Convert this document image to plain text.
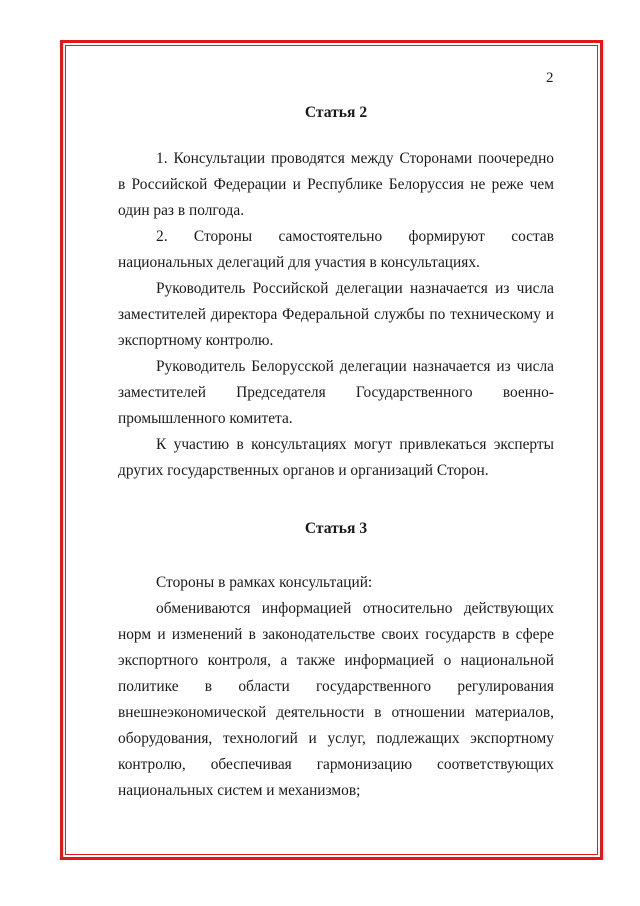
2

Статья 2

1. Консультации проводятся между Сторонами поочередно в Российской Федерации и Республике Белоруссия не реже чем один раз в полгода.

2. Стороны самостоятельно формируют состав национальных делегаций для участия в консультациях.

Руководитель Российской делегации назначается из числа заместителей директора Федеральной службы по техническому и экспортному контролю.

Руководитель Белорусской делегации назначается из числа заместителей Председателя Государственного военно-промышленного комитета.

К участию в консультациях могут привлекаться эксперты других государственных органов и организаций Сторон.

Статья 3

Стороны в рамках консультаций:

обмениваются информацией относительно действующих норм и изменений в законодательстве своих государств в сфере экспортного контроля, а также информацией о национальной политике в области государственного регулирования внешнеэкономической деятельности в отношении материалов, оборудования, технологий и услуг, подлежащих экспортному контролю, обеспечивая гармонизацию соответствующих национальных систем и механизмов;
